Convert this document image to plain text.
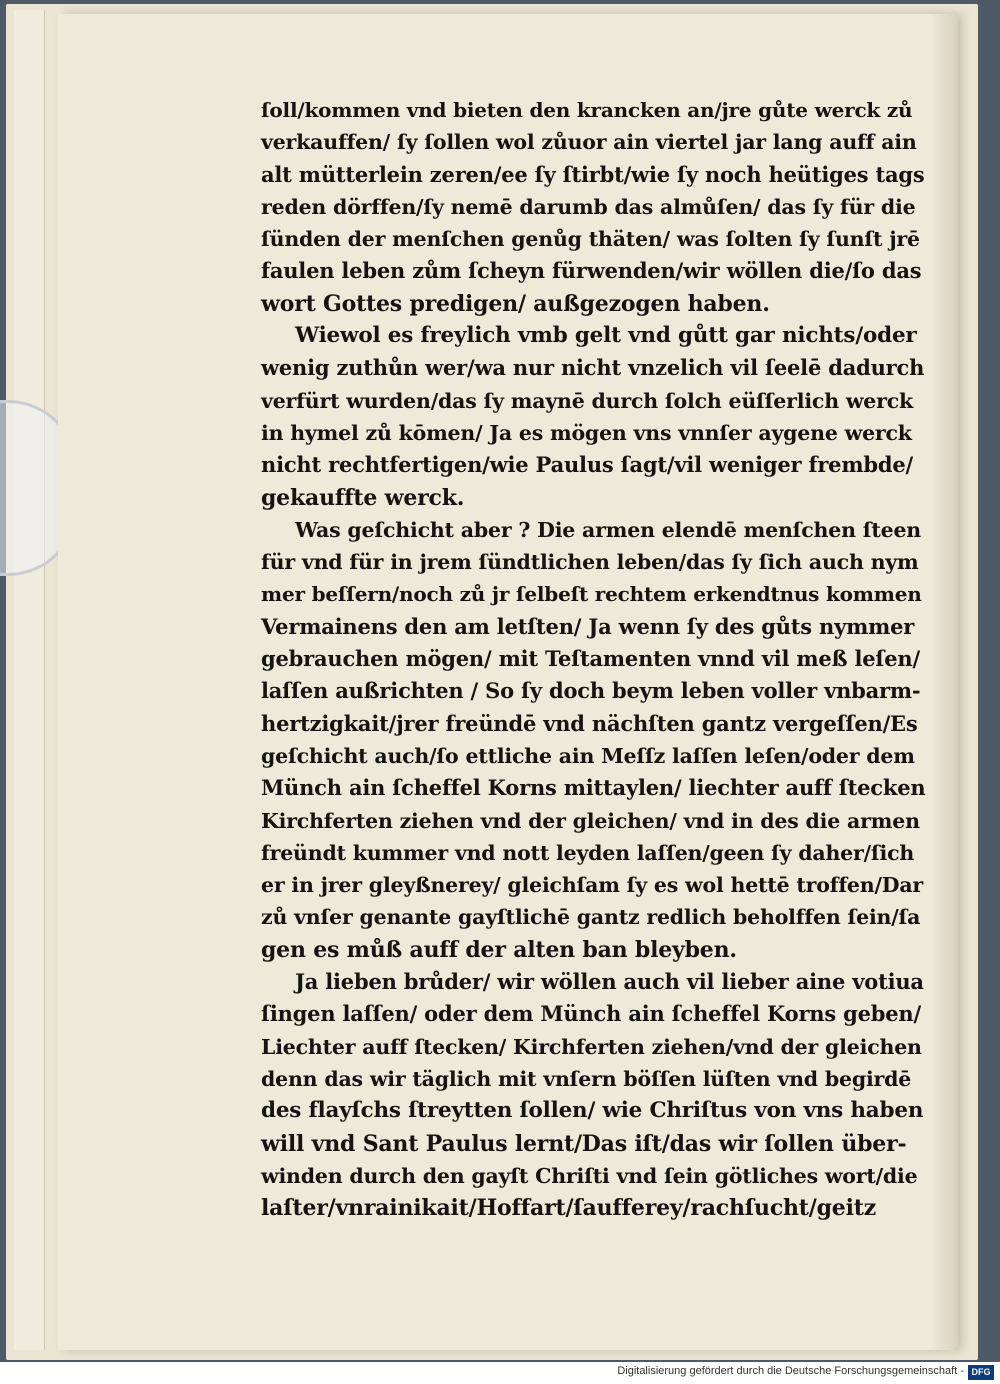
ſoll/kommen vnd bieten den krancken an/jre gůte werck zů
verkauffen/ ſy ſollen wol zůuor ain viertel jar lang auff ain
alt mütterlein zeren/ee ſy ſtirbt/wie ſy noch heütiges tags
reden dörffen/ſy nemē darumb das almůſen/ das ſy für die
ſünden der menſchen genůg thäten/ was ſolten ſy ſunſt jrē
faulen leben zům ſcheyn fürwenden/wir wöllen die/ſo das
wort Gottes predigen/ außgezogen haben.
Wiewol es freylich vmb gelt vnd gůtt gar nichts/oder
wenig zuthůn wer/wa nur nicht vnzelich vil ſeelē dadurch
verfürt wurden/das ſy maynē durch ſolch eüſſerlich werck
in hymel zů kōmen/ Ja es mögen vns vnnſer aygene werck
nicht rechtfertigen/wie Paulus ſagt/vil weniger frembde/
gekauffte werck.
Was geſchicht aber ? Die armen elendē menſchen ſteen
für vnd für in jrem ſündtlichen leben/das ſy ſich auch nym
mer beſſern/noch zů jr ſelbeſt rechtem erkendtnus kommen
Vermainens den am letſten/ Ja wenn ſy des gůts nymmer
gebrauchen mögen/ mit Teſtamenten vnnd vil meß leſen/
laſſen außrichten / So ſy doch beym leben voller vnbarm-
hertzigkait/jrer freündē vnd nächſten gantz vergeſſen/Es
geſchicht auch/ſo ettliche ain Meſſz laſſen leſen/oder dem
Münch ain ſcheffel Korns mittaylen/ liechter auff ſtecken
Kirchferten ziehen vnd der gleichen/ vnd in des die armen
freündt kummer vnd nott leyden laſſen/geen ſy daher/ſich
er in jrer gleyßnerey/ gleichſam ſy es wol hettē troffen/Dar
zů vnſer genante gayſtlichē gantz redlich beholffen ſein/ſa
gen es můß auff der alten ban bleyben.
Ja lieben brůder/ wir wöllen auch vil lieber aine votiua
ſingen laſſen/ oder dem Münch ain ſcheffel Korns geben/
Liechter auff ſtecken/ Kirchferten ziehen/vnd der gleichen
denn das wir täglich mit vnſern böſſen lüſten vnd begirdē
des flayſchs ſtreytten ſollen/ wie Chriſtus von vns haben
will vnd Sant Paulus lernt/Das iſt/das wir ſollen über-
winden durch den gayſt Chriſti vnd ſein götliches wort/die
laſter/vnrainikait/Hoffart/ſaufferey/rachſucht/geitz
Digitalisierung gefördert durch die Deutsche Forschungsgemeinschaft - DFG
